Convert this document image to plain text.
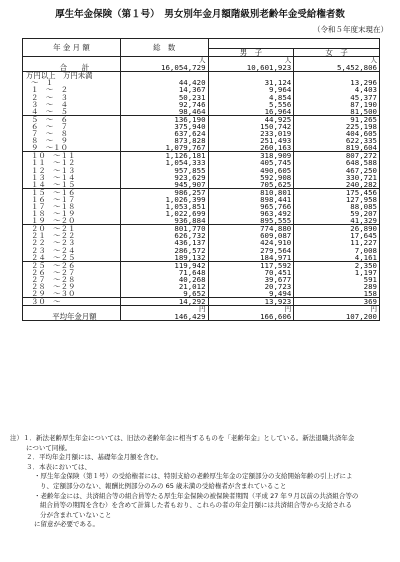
厚生年金保険（第１号）　男女別年金月額階級別老齢年金受給権者数
（令和５年度末現在）
年 金 月 額	総　数		
		男　子	女　子
	人	人	人
合　　計	16,054,729	10,601,923	5,452,806
万円以上　万円未満			
～　１	44,420	31,124	13,296
１　～　２	14,367	9,964	4,403
２　～　３	50,231	4,854	45,377
３　～　４	92,746	5,556	87,190
４　～　５	98,464	16,964	81,500
５　～　６	136,190	44,925	91,265
６　～　７	375,940	150,742	225,198
７　～　８	637,624	233,019	404,605
８　～　９	873,828	251,493	622,335
９　～１０	1,079,767	260,163	819,604
１０　～１１	1,126,181	318,909	807,272
１１　～１２	1,054,333	405,745	648,588
１２　～１３	957,855	490,605	467,250
１３　～１４	923,629	592,908	330,721
１４　～１５	945,907	705,625	240,282
１５　～１６	986,257	810,801	175,456
１６　～１７	1,026,399	898,441	127,958
１７　～１８	1,053,851	965,766	88,085
１８　～１９	1,022,699	963,492	59,207
１９　～２０	936,884	895,555	41,329
２０　～２１	801,770	774,880	26,890
２１　～２２	626,732	609,087	17,645
２２　～２３	436,137	424,910	11,227
２３　～２４	286,572	279,564	7,008
２４　～２５	189,132	184,971	4,161
２５　～２６	119,942	117,592	2,350
２６　～２７	71,648	70,451	1,197
２７　～２８	40,268	39,677	591
２８　～２９	21,012	20,723	289
２９　～３０	9,652	9,494	158
３０　～	14,292	13,923	369
	円	円	円
平均年金月額	146,429	166,606	107,200
注）１．新法老齢厚生年金については、旧法の老齢年金に相当するものを「老齢年金」としている。新法退職共済年金
について同様。
２．平均年金月額には、基礎年金月額を含む。
３．本表においては、
・厚生年金保険（第１号）の受給権者には、特別支給の老齢厚生年金の定額部分の支給開始年齢の引上げによ
り、定額部分のない、報酬比例部分のみの 65 歳未満の受給権者が含まれていること
・老齢年金には、共済組合等の組合員等たる厚生年金保険の被保険者期間（平成 27 年９月以前の共済組合等の
組合員等の期間を含む）を含めて計算した者もおり、これらの者の年金月額には共済組合等から支給される
分が含まれていないこと
に留意が必要である。
